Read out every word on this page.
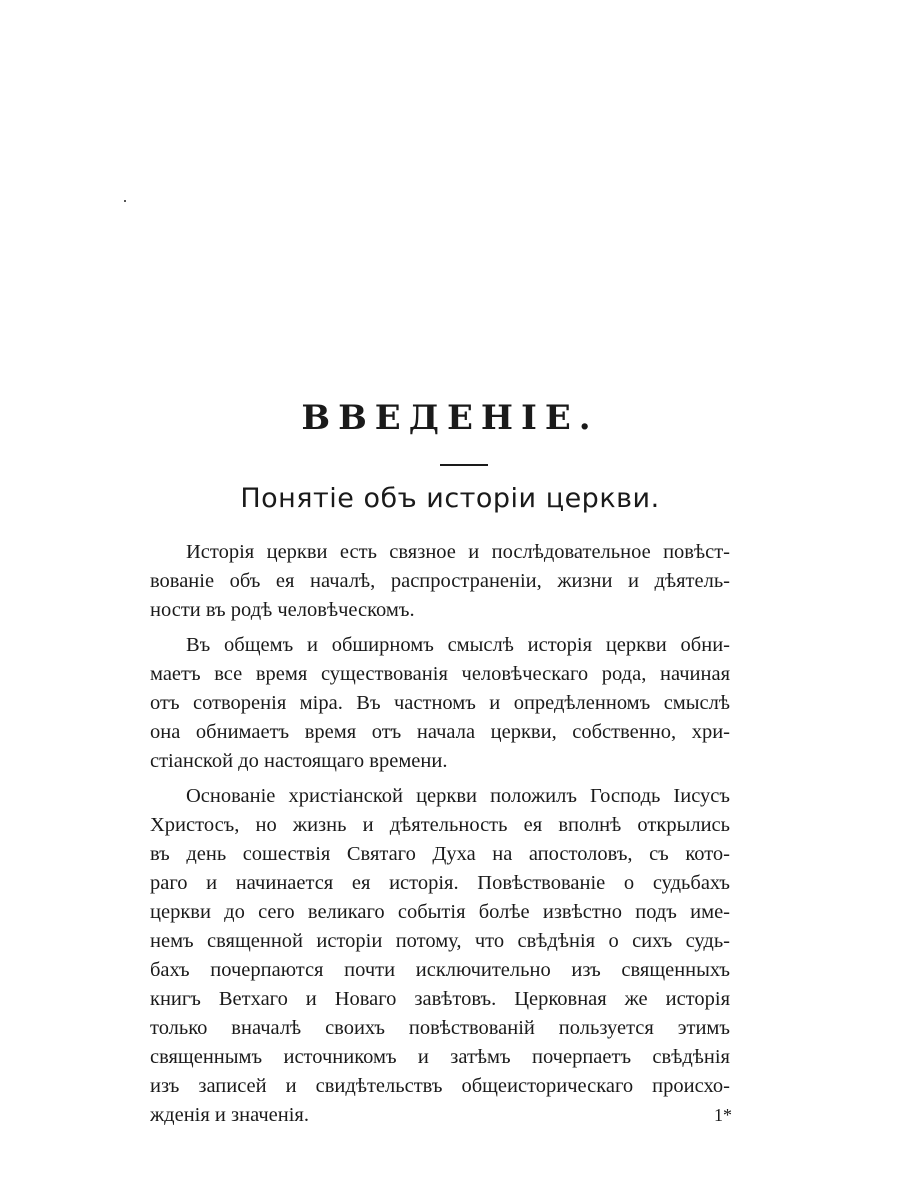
ВВЕДЕНІЕ.
Понятіе объ исторіи церкви.
Исторія церкви есть связное и послѣдовательное повѣст-
вованіе объ ея началѣ, распространеніи, жизни и дѣятель-
ности въ родѣ человѣческомъ.
Въ общемъ и обширномъ смыслѣ исторія церкви обни-
маетъ все время существованія человѣческаго рода, начиная
отъ сотворенія міра. Въ частномъ и опредѣленномъ смыслѣ
она обнимаетъ время отъ начала церкви, собственно, хри-
стіанской до настоящаго времени.
Основаніе христіанской церкви положилъ Господь Іисусъ
Христосъ, но жизнь и дѣятельность ея вполнѣ открылись
въ день сошествія Святаго Духа на апостоловъ, съ кото-
раго и начинается ея исторія. Повѣствованіе о судьбахъ
церкви до сего великаго событія болѣе извѣстно подъ име-
немъ священной исторіи потому, что свѣдѣнія о сихъ судь-
бахъ почерпаются почти исключительно изъ священныхъ
книгъ Ветхаго и Новаго завѣтовъ. Церковная же исторія
только вначалѣ своихъ повѣствованій пользуется этимъ
священнымъ источникомъ и затѣмъ почерпаетъ свѣдѣнія
изъ записей и свидѣтельствъ общеисторическаго происхо-
жденія и значенія.	1*
